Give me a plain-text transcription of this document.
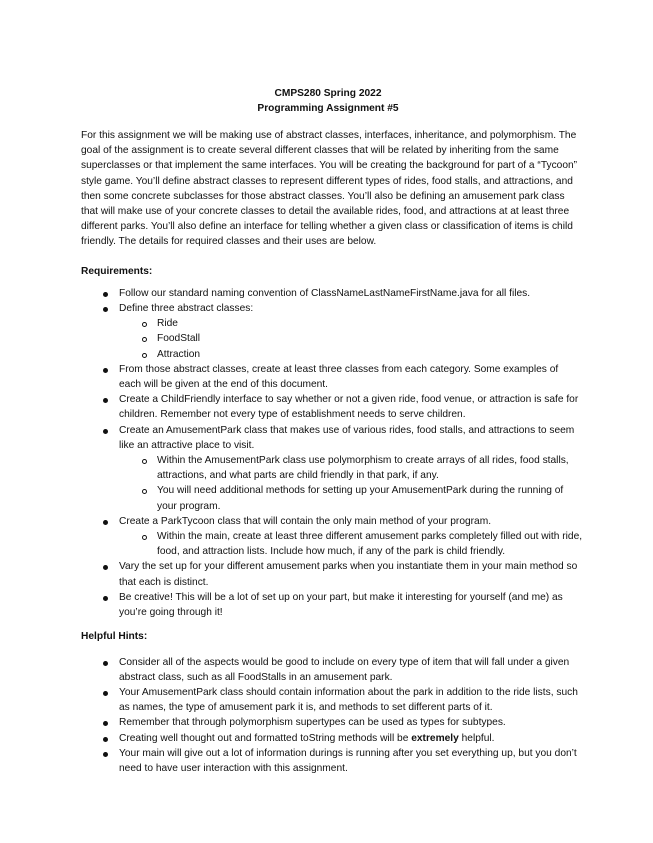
CMPS280 Spring 2022
Programming Assignment #5
For this assignment we will be making use of abstract classes, interfaces, inheritance, and polymorphism. The goal of the assignment is to create several different classes that will be related by inheriting from the same superclasses or that implement the same interfaces. You will be creating the background for part of a “Tycoon” style game. You’ll define abstract classes to represent different types of rides, food stalls, and attractions, and then some concrete subclasses for those abstract classes. You’ll also be defining an amusement park class that will make use of your concrete classes to detail the available rides, food, and attractions at at least three different parks. You’ll also define an interface for telling whether a given class or classification of items is child friendly. The details for required classes and their uses are below.
Requirements:
Follow our standard naming convention of ClassNameLastNameFirstName.java for all files.
Define three abstract classes:
Ride
FoodStall
Attraction
From those abstract classes, create at least three classes from each category. Some examples of each will be given at the end of this document.
Create a ChildFriendly interface to say whether or not a given ride, food venue, or attraction is safe for children. Remember not every type of establishment needs to serve children.
Create an AmusementPark class that makes use of various rides, food stalls, and attractions to seem like an attractive place to visit.
Within the AmusementPark class use polymorphism to create arrays of all rides, food stalls, attractions, and what parts are child friendly in that park, if any.
You will need additional methods for setting up your AmusementPark during the running of your program.
Create a ParkTycoon class that will contain the only main method of your program.
Within the main, create at least three different amusement parks completely filled out with ride, food, and attraction lists. Include how much, if any of the park is child friendly.
Vary the set up for your different amusement parks when you instantiate them in your main method so that each is distinct.
Be creative! This will be a lot of set up on your part, but make it interesting for yourself (and me) as you’re going through it!
Helpful Hints:
Consider all of the aspects would be good to include on every type of item that will fall under a given abstract class, such as all FoodStalls in an amusement park.
Your AmusementPark class should contain information about the park in addition to the ride lists, such as names, the type of amusement park it is, and methods to set different parts of it.
Remember that through polymorphism supertypes can be used as types for subtypes.
Creating well thought out and formatted toString methods will be extremely helpful.
Your main will give out a lot of information durings is running after you set everything up, but you don’t need to have user interaction with this assignment.
